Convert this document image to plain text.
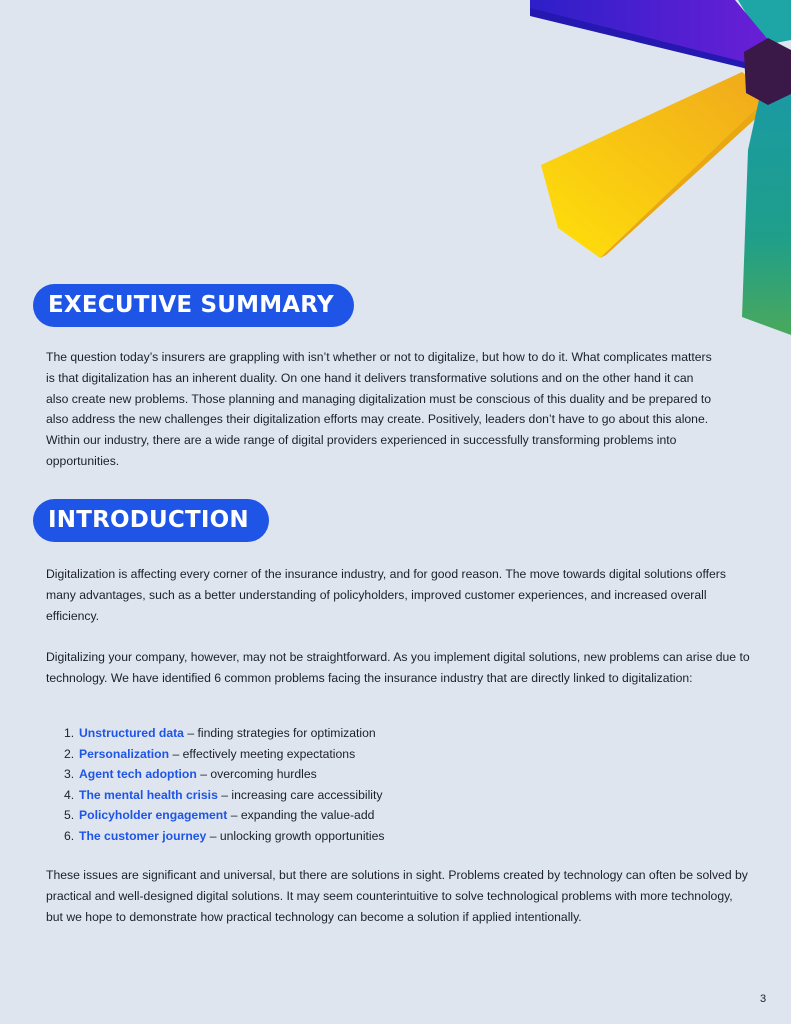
EXECUTIVE SUMMARY

The question today’s insurers are grappling with isn’t whether or not to digitalize, but how to do it. What complicates matters is that digitalization has an inherent duality. On one hand it delivers transformative solutions and on the other hand it can also create new problems. Those planning and managing digitalization must be conscious of this duality and be prepared to also address the new challenges their digitalization efforts may create. Positively, leaders don’t have to go about this alone. Within our industry, there are a wide range of digital providers experienced in successfully transforming problems into opportunities.

INTRODUCTION

Digitalization is affecting every corner of the insurance industry, and for good reason. The move towards digital solutions offers many advantages, such as a better understanding of policyholders, improved customer experiences, and increased overall efficiency.

Digitalizing your company, however, may not be straightforward. As you implement digital solutions, new problems can arise due to technology. We have identified 6 common problems facing the insurance industry that are directly linked to digitalization:

1. Unstructured data – finding strategies for optimization
2. Personalization – effectively meeting expectations
3. Agent tech adoption – overcoming hurdles
4. The mental health crisis – increasing care accessibility
5. Policyholder engagement – expanding the value-add
6. The customer journey – unlocking growth opportunities

These issues are significant and universal, but there are solutions in sight. Problems created by technology can often be solved by practical and well-designed digital solutions. It may seem counterintuitive to solve technological problems with more technology, but we hope to demonstrate how practical technology can become a solution if applied intentionally.

3
